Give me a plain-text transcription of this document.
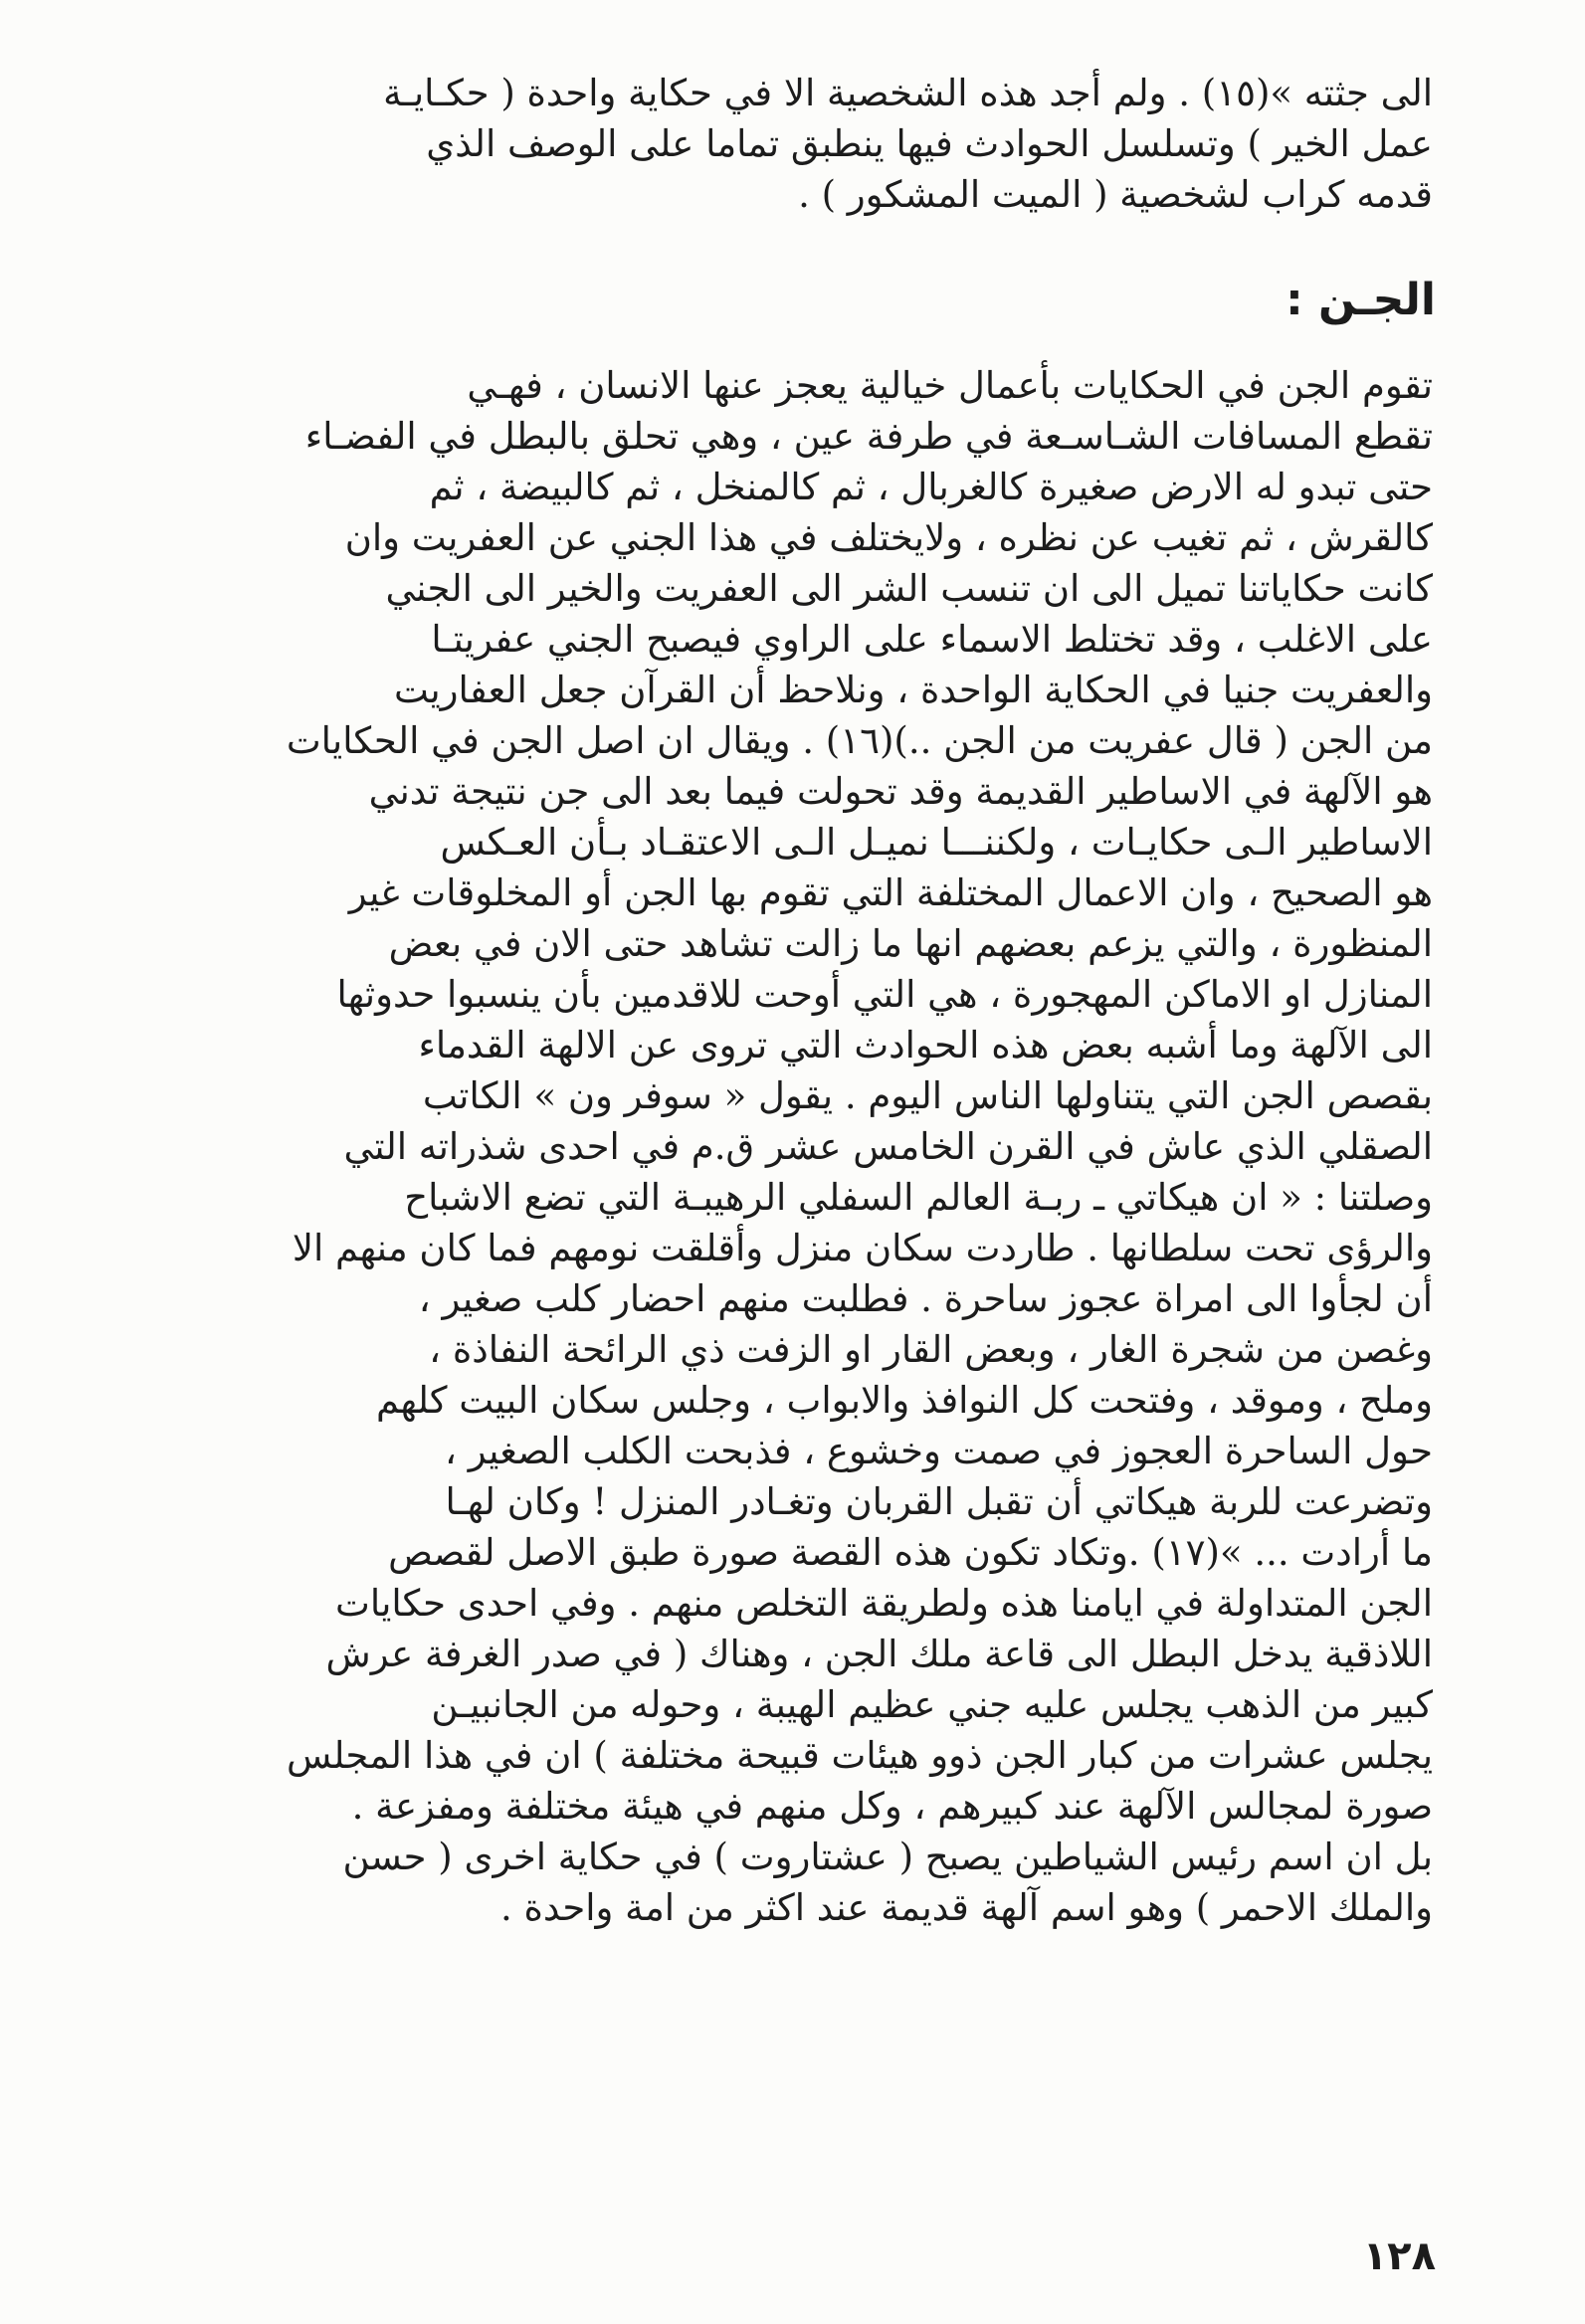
الى جثته »(١٥) . ولم أجد هذه الشخصية الا في حكاية واحدة ( حكـايـة
عمل الخير ) وتسلسل الحوادث فيها ينطبق تماما على الوصف الذي
قدمه كراب لشخصية ( الميت المشكور ) .
الجـن :
تقوم الجن في الحكايات بأعمال خيالية يعجز عنها الانسان ، فهـي
تقطع المسافات الشـاسـعة في طرفة عين ، وهي تحلق بالبطل في الفضـاء
حتى تبدو له الارض صغيرة كالغربال ، ثم كالمنخل ، ثم كالبيضة ، ثم
كالقرش ، ثم تغيب عن نظره ، ولايختلف في هذا الجني عن العفريت وان
كانت حكاياتنا تميل الى ان تنسب الشر الى العفريت والخير الى الجني
على الاغلب ، وقد تختلط الاسماء على الراوي فيصبح الجني عفريتـا
والعفريت جنيا في الحكاية الواحدة ، ونلاحظ أن القرآن جعل العفاريت
من الجن ( قال عفريت من الجن ..)(١٦) . ويقال ان اصل الجن في الحكايات
هو الآلهة في الاساطير القديمة وقد تحولت فيما بعد الى جن نتيجة تدني
الاساطير الـى حكايـات ، ولكننـــا نميـل الـى الاعتقـاد بـأن العـكس
هو الصحيح ، وان الاعمال المختلفة التي تقوم بها الجن أو المخلوقات غير
المنظورة ، والتي يزعم بعضهم انها ما زالت تشاهد حتى الان في بعض
المنازل او الاماكن المهجورة ، هي التي أوحت للاقدمين بأن ينسبوا حدوثها
الى الآلهة وما أشبه بعض هذه الحوادث التي تروى عن الالهة القدماء
بقصص الجن التي يتناولها الناس اليوم . يقول « سوفر ون » الكاتب
الصقلي الذي عاش في القرن الخامس عشر ق.م في احدى شذراته التي
وصلتنا : « ان هيكاتي ـ ربـة العالم السفلي الرهيبـة التي تضع الاشباح
والرؤى تحت سلطانها . طاردت سكان منزل وأقلقت نومهم فما كان منهم الا
أن لجأوا الى امراة عجوز ساحرة . فطلبت منهم احضار كلب صغير ،
وغصن من شجرة الغار ، وبعض القار او الزفت ذي الرائحة النفاذة ،
وملح ، وموقد ، وفتحت كل النوافذ والابواب ، وجلس سكان البيت كلهم
حول الساحرة العجوز في صمت وخشوع ، فذبحت الكلب الصغير ،
وتضرعت للربة هيكاتي أن تقبل القربان وتغـادر المنزل ! وكان لهـا
ما أرادت ... »(١٧) .وتكاد تكون هذه القصة صورة طبق الاصل لقصص
الجن المتداولة في ايامنا هذه ولطريقة التخلص منهم . وفي احدى حكايات
اللاذقية يدخل البطل الى قاعة ملك الجن ، وهناك ( في صدر الغرفة عرش
كبير من الذهب يجلس عليه جني عظيم الهيبة ، وحوله من الجانبيـن
يجلس عشرات من كبار الجن ذوو هيئات قبيحة مختلفة ) ان في هذا المجلس
صورة لمجالس الآلهة عند كبيرهم ، وكل منهم في هيئة مختلفة ومفزعة .
بل ان اسم رئيس الشياطين يصبح ( عشتاروت ) في حكاية اخرى ( حسن
والملك الاحمر ) وهو اسم آلهة قديمة عند اكثر من امة واحدة .
١٢٨
